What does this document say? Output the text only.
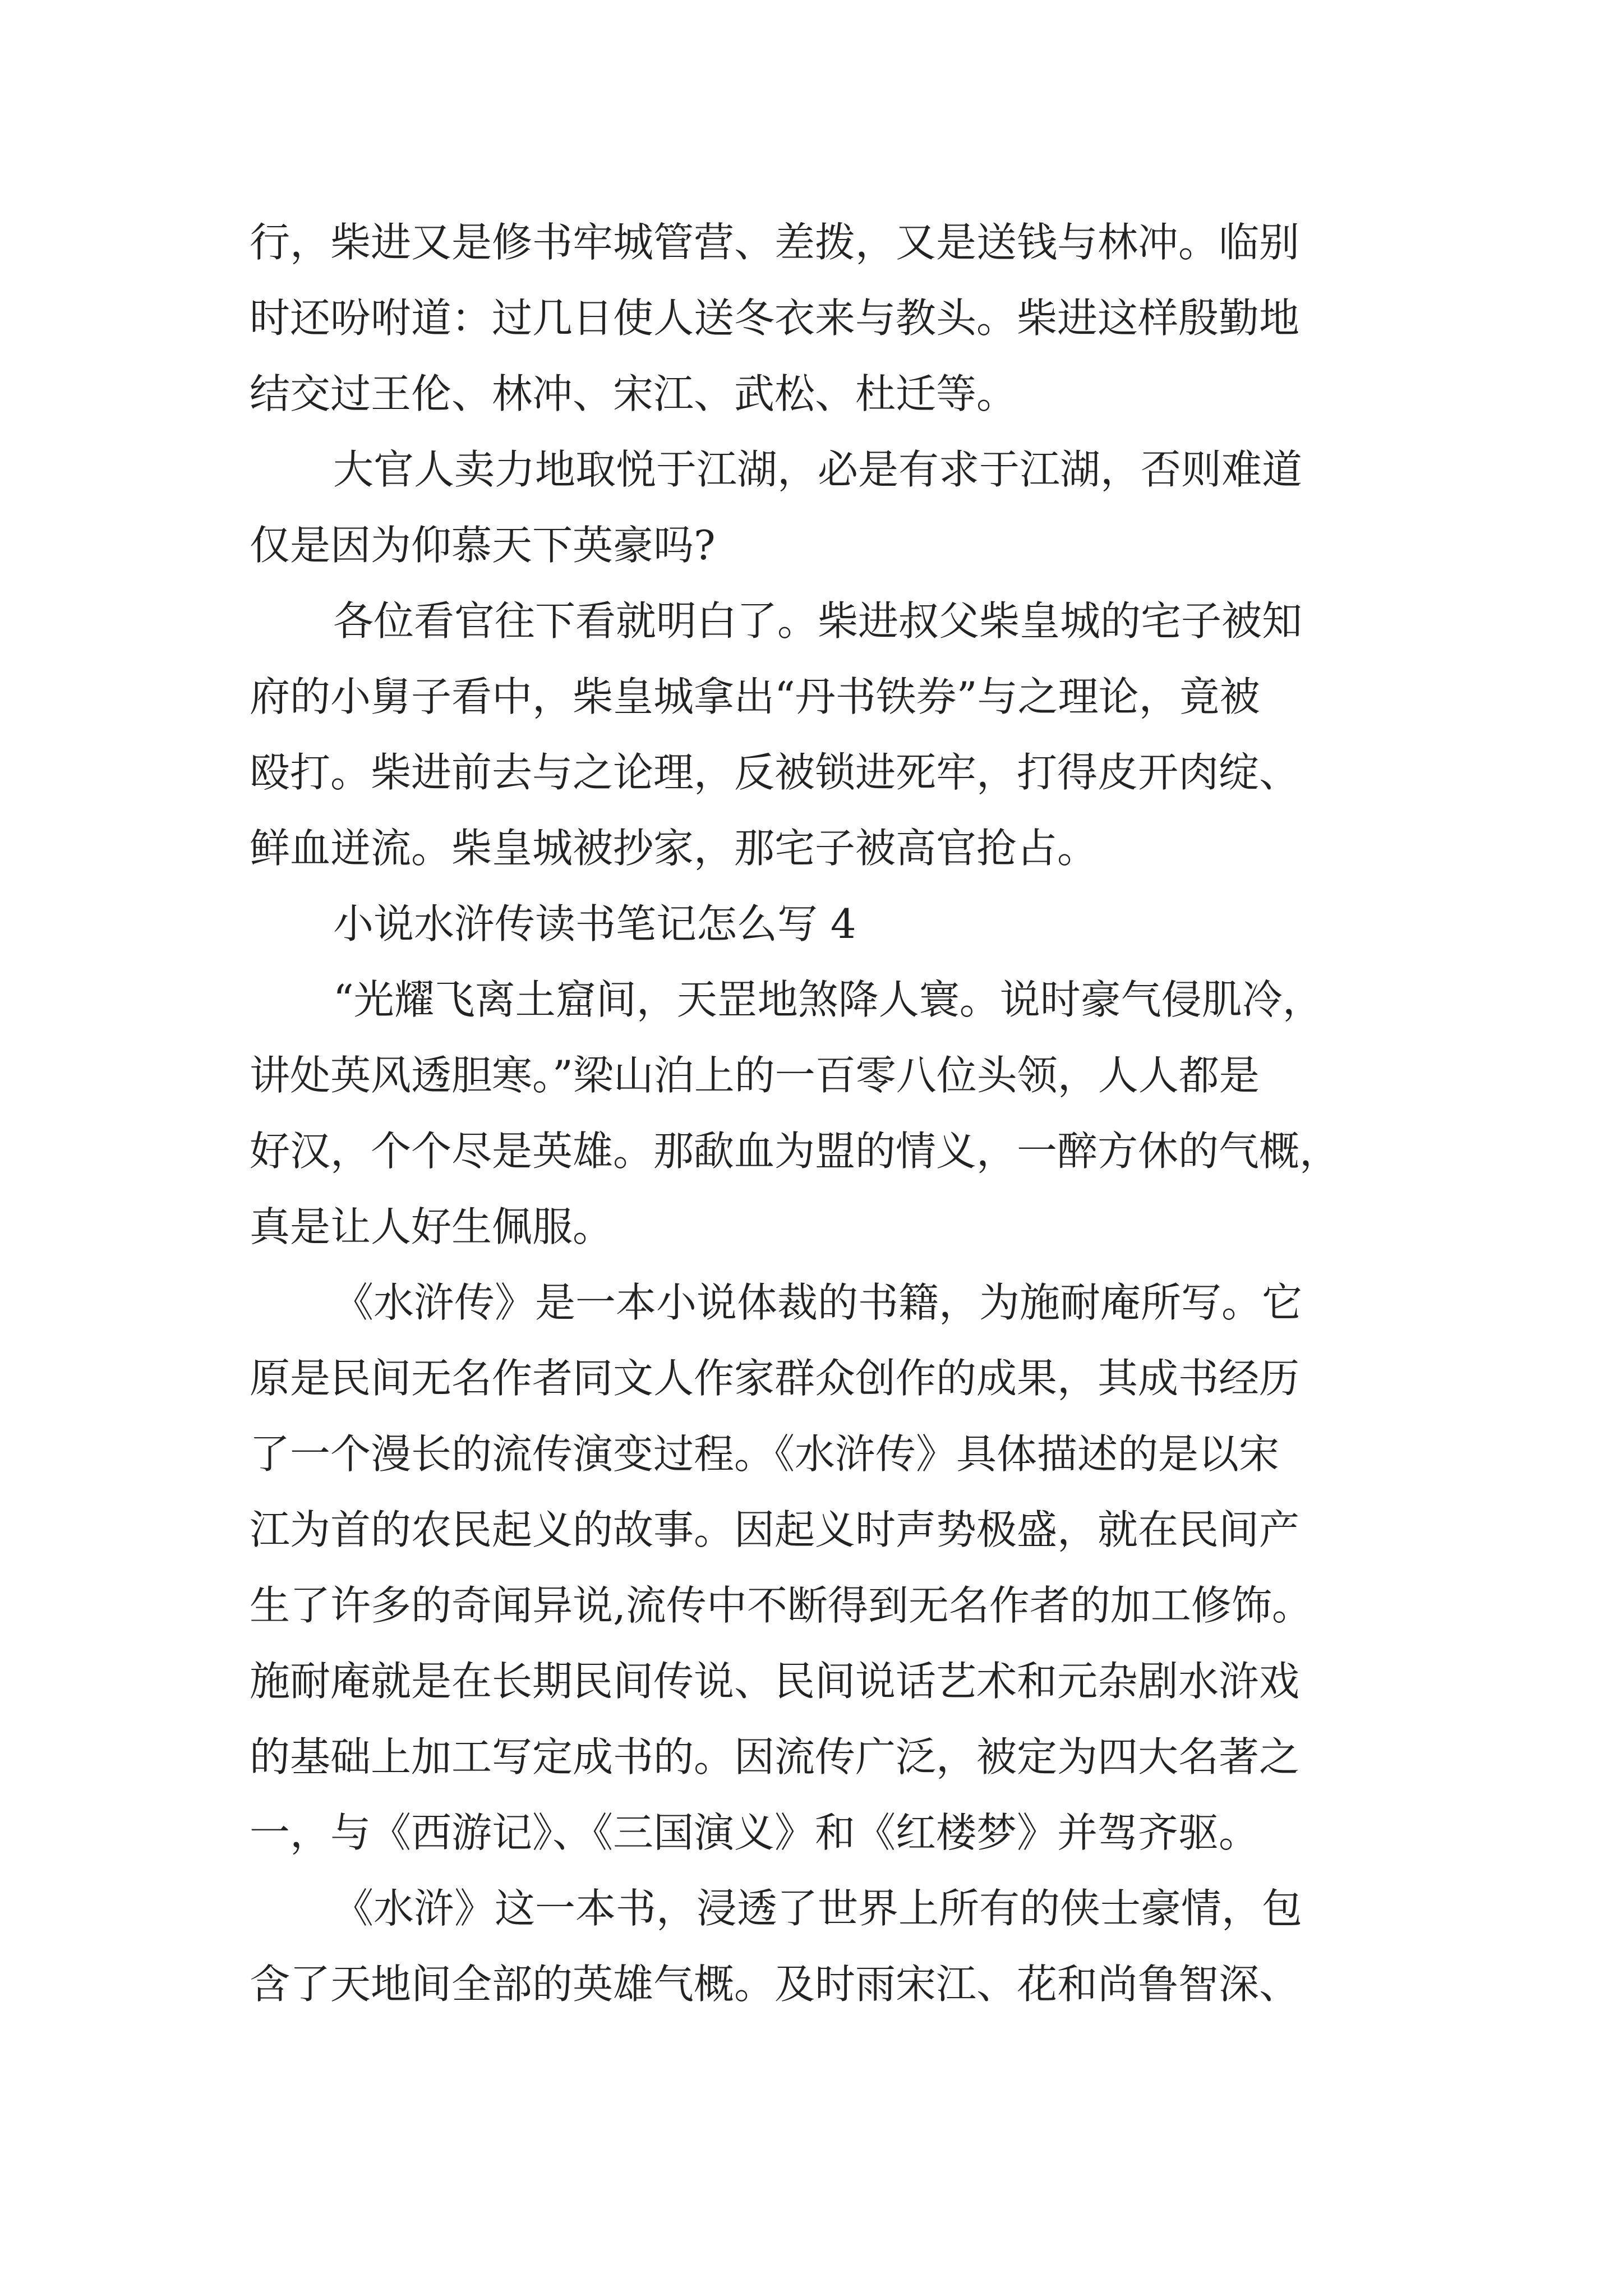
行，柴进又是修书牢城管营、差拨，又是送钱与林冲。临别

时还吩咐道：过几日使人送冬衣来与教头。柴进这样殷勤地

结交过王伦、林冲、宋江、武松、杜迁等。

大官人卖力地取悦于江湖，必是有求于江湖，否则难道

仅是因为仰慕天下英豪吗?

各位看官往下看就明白了。柴进叔父柴皇城的宅子被知

府的小舅子看中，柴皇城拿出“丹书铁券”与之理论，竟被

殴打。柴进前去与之论理，反被锁进死牢，打得皮开肉绽、

鲜血迸流。柴皇城被抄家，那宅子被高官抢占。

小说水浒传读书笔记怎么写 4

“光耀飞离土窟间，天罡地煞降人寰。说时豪气侵肌冷，

讲处英风透胆寒。”梁山泊上的一百零八位头领，人人都是

好汉，个个尽是英雄。那歃血为盟的情义，一醉方休的气概，

真是让人好生佩服。

《水浒传》是一本小说体裁的书籍，为施耐庵所写。它

原是民间无名作者同文人作家群众创作的成果，其成书经历

了一个漫长的流传演变过程。《水浒传》具体描述的是以宋

江为首的农民起义的故事。因起义时声势极盛，就在民间产

生了许多的奇闻异说,流传中不断得到无名作者的加工修饰。

施耐庵就是在长期民间传说、民间说话艺术和元杂剧水浒戏

的基础上加工写定成书的。因流传广泛，被定为四大名著之

一，与《西游记》、《三国演义》和《红楼梦》并驾齐驱。

《水浒》这一本书，浸透了世界上所有的侠士豪情，包

含了天地间全部的英雄气概。及时雨宋江、花和尚鲁智深、
